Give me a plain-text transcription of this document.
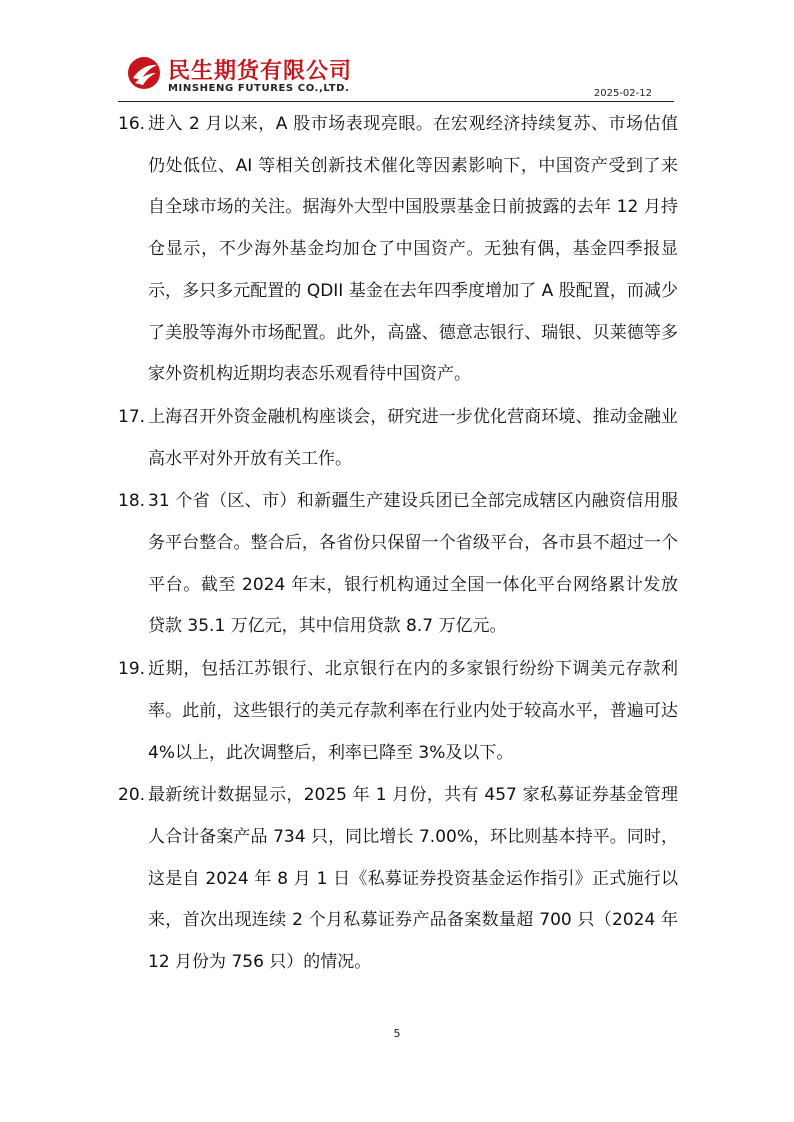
民生期货有限公司
MINSHENG FUTURES CO.,LTD.	2025-02-12
16. 进入 2 月以来，A 股市场表现亮眼。在宏观经济持续复苏、市场估值仍处低位、AI 等相关创新技术催化等因素影响下，中国资产受到了来自全球市场的关注。据海外大型中国股票基金日前披露的去年 12 月持仓显示，不少海外基金均加仓了中国资产。无独有偶，基金四季报显示，多只多元配置的 QDII 基金在去年四季度增加了 A 股配置，而减少了美股等海外市场配置。此外，高盛、德意志银行、瑞银、贝莱德等多家外资机构近期均表态乐观看待中国资产。
17. 上海召开外资金融机构座谈会，研究进一步优化营商环境、推动金融业高水平对外开放有关工作。
18. 31 个省（区、市）和新疆生产建设兵团已全部完成辖区内融资信用服务平台整合。整合后，各省份只保留一个省级平台，各市县不超过一个平台。截至 2024 年末，银行机构通过全国一体化平台网络累计发放贷款 35.1 万亿元，其中信用贷款 8.7 万亿元。
19. 近期，包括江苏银行、北京银行在内的多家银行纷纷下调美元存款利率。此前，这些银行的美元存款利率在行业内处于较高水平，普遍可达 4%以上，此次调整后，利率已降至 3%及以下。
20. 最新统计数据显示，2025 年 1 月份，共有 457 家私募证券基金管理人合计备案产品 734 只，同比增长 7.00%，环比则基本持平。同时，这是自 2024 年 8 月 1 日《私募证券投资基金运作指引》正式施行以来，首次出现连续 2 个月私募证券产品备案数量超 700 只（2024 年 12 月份为 756 只）的情况。
5
